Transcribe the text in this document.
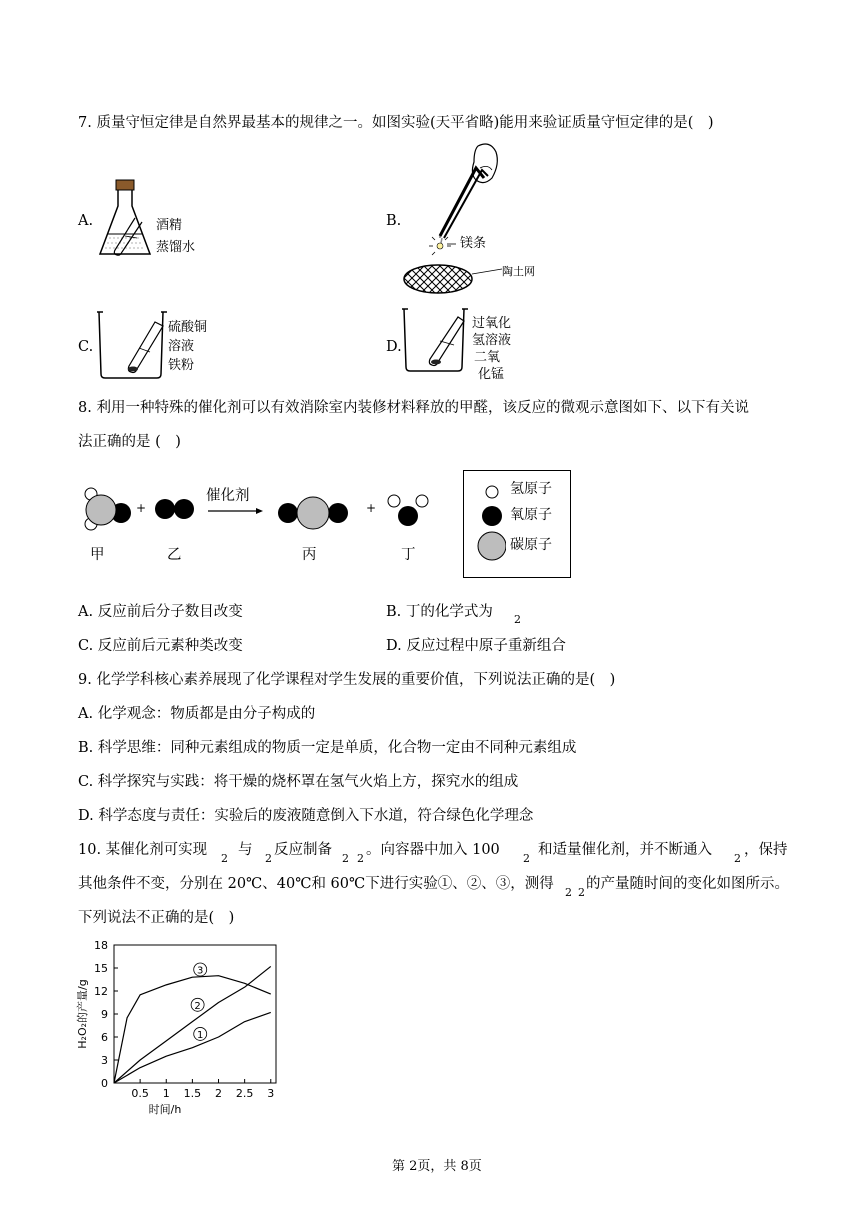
7. 质量守恒定律是自然界最基本的规律之一。如图实验(天平省略)能用来验证质量守恒定律的是(　)
A.	酒精
蒸馏水
B.
镁条
陶土网
C.
硫酸铜
溶液
铁粉
D.
过氧化
氢溶液
二氧
化锰
8. 利用一种特殊的催化剂可以有效消除室内装修材料释放的甲醛，该反应的微观示意图如下、以下有关说
法正确的是 (　)
+	+
催化剂
甲	乙	丙	丁
氢原子
氧原子
碳原子
A. 反应前后分子数目改变	B. 丁的化学式为 2
C. 反应前后元素种类改变	D. 反应过程中原子重新组合
9. 化学学科核心素养展现了化学课程对学生发展的重要价值，下列说法正确的是(　)
A. 化学观念：物质都是由分子构成的
B. 科学思维：同种元素组成的物质一定是单质，化合物一定由不同种元素组成
C. 科学探究与实践：将干燥的烧杯罩在氢气火焰上方，探究水的组成
D. 科学态度与责任：实验后的废液随意倒入下水道，符合绿色化学理念
10. 某催化剂可实现
2
与
2
反应制备
2 2
。向容器中加入 100
2
和适量催化剂，并不断通入
2
，保持
其他条件不变，分别在 20℃、40℃和 60℃下进行实验①、②、③，测得
2 2
的产量随时间的变化如图所示。
下列说法不正确的是(　)
0
3
6
9
12
15
18
0.5 1 1.5 2 2.5 3
时间/h
H₂O₂的产量/g	1
2
3
第 2页，共 8页
